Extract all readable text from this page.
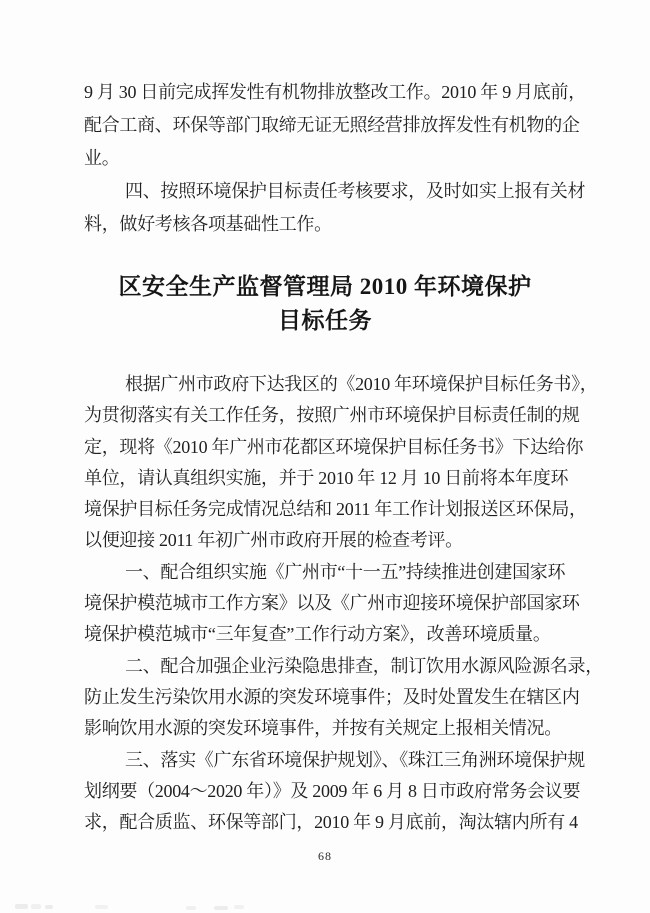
9 月 30 日前完成挥发性有机物排放整改工作。2010 年 9 月底前，
配合工商、环保等部门取缔无证无照经营排放挥发性有机物的企
业。
四、按照环境保护目标责任考核要求，及时如实上报有关材
料，做好考核各项基础性工作。
区安全生产监督管理局 2010 年环境保护
目标任务
根据广州市政府下达我区的《2010 年环境保护目标任务书》，
为贯彻落实有关工作任务，按照广州市环境保护目标责任制的规
定，现将《2010 年广州市花都区环境保护目标任务书》下达给你
单位，请认真组织实施，并于 2010 年 12 月 10 日前将本年度环
境保护目标任务完成情况总结和 2011 年工作计划报送区环保局，
以便迎接 2011 年初广州市政府开展的检查考评。
一、配合组织实施《广州市“十一五”持续推进创建国家环
境保护模范城市工作方案》以及《广州市迎接环境保护部国家环
境保护模范城市“三年复查”工作行动方案》，改善环境质量。
二、配合加强企业污染隐患排查，制订饮用水源风险源名录，
防止发生污染饮用水源的突发环境事件；及时处置发生在辖区内
影响饮用水源的突发环境事件，并按有关规定上报相关情况。
三、落实《广东省环境保护规划》、《珠江三角洲环境保护规
划纲要（2004～2020 年）》及 2009 年 6 月 8 日市政府常务会议要
求，配合质监、环保等部门，2010 年 9 月底前，淘汰辖内所有 4
68
